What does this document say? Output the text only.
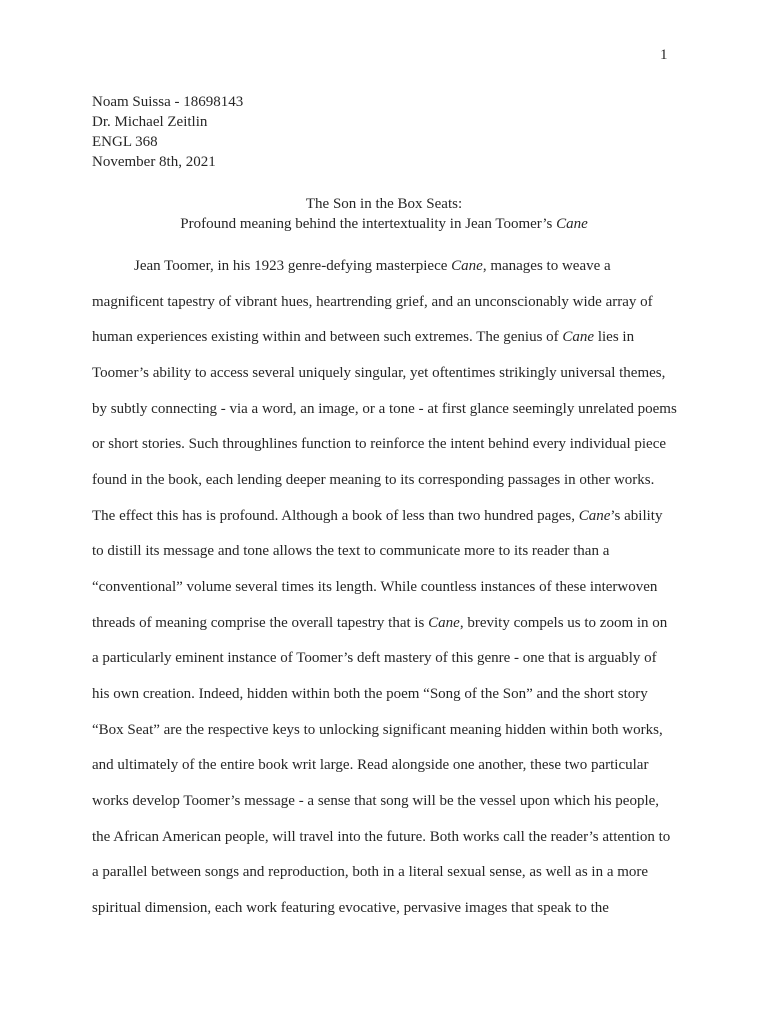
1
Noam Suissa - 18698143
Dr. Michael Zeitlin
ENGL 368
November 8th, 2021
The Son in the Box Seats:
Profound meaning behind the intertextuality in Jean Toomer’s Cane
Jean Toomer, in his 1923 genre-defying masterpiece Cane, manages to weave a
magnificent tapestry of vibrant hues, heartrending grief, and an unconscionably wide array of
human experiences existing within and between such extremes. The genius of Cane lies in
Toomer’s ability to access several uniquely singular, yet oftentimes strikingly universal themes,
by subtly connecting - via a word, an image, or a tone - at first glance seemingly unrelated poems
or short stories. Such throughlines function to reinforce the intent behind every individual piece
found in the book, each lending deeper meaning to its corresponding passages in other works.
The effect this has is profound. Although a book of less than two hundred pages, Cane’s ability
to distill its message and tone allows the text to communicate more to its reader than a
“conventional” volume several times its length. While countless instances of these interwoven
threads of meaning comprise the overall tapestry that is Cane, brevity compels us to zoom in on
a particularly eminent instance of Toomer’s deft mastery of this genre - one that is arguably of
his own creation. Indeed, hidden within both the poem “Song of the Son” and the short story
“Box Seat” are the respective keys to unlocking significant meaning hidden within both works,
and ultimately of the entire book writ large. Read alongside one another, these two particular
works develop Toomer’s message - a sense that song will be the vessel upon which his people,
the African American people, will travel into the future. Both works call the reader’s attention to
a parallel between songs and reproduction, both in a literal sexual sense, as well as in a more
spiritual dimension, each work featuring evocative, pervasive images that speak to the
